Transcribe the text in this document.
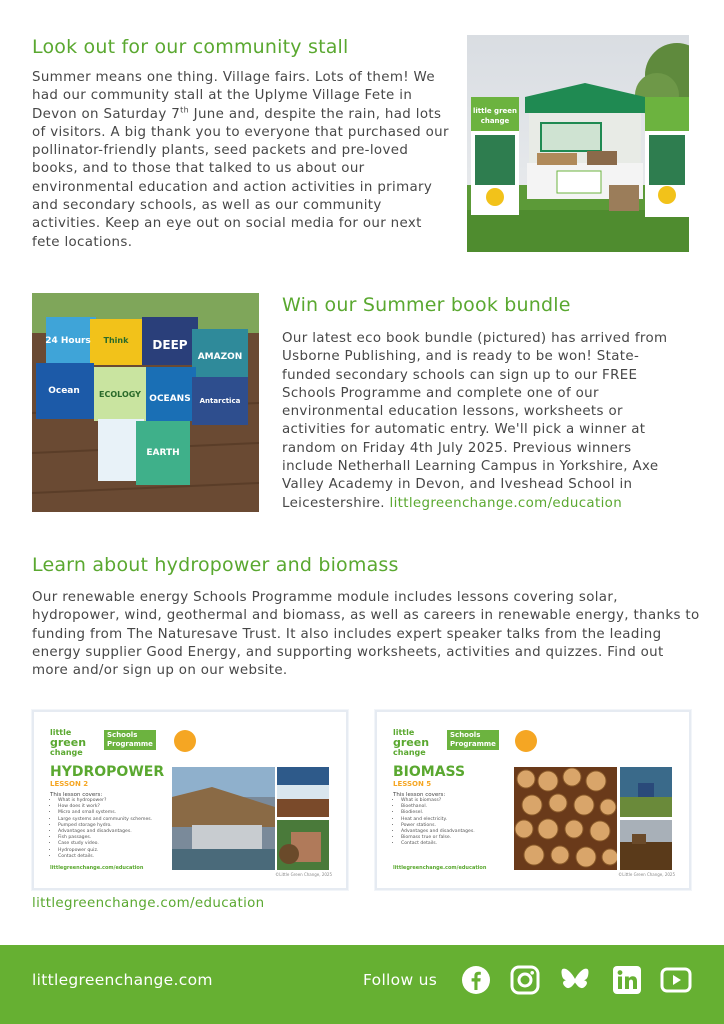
Look out for our community stall

Summer means one thing. Village fairs. Lots of them! We had our community stall at the Uplyme Village Fete in Devon on Saturday 7th June and, despite the rain, had lots of visitors. A big thank you to everyone that purchased our pollinator-friendly plants, seed packets and pre-loved books, and to those that talked to us about our environmental education and action activities in primary and secondary schools, as well as our community activities. Keep an eye out on social media for our next fete locations.

little green
change
24 Hours Think DEEP
AMAZON
Ocean ECOLOGY OCEANS Antarctica
EARTH
Win our Summer book bundle

Our latest eco book bundle (pictured) has arrived from Usborne Publishing, and is ready to be won! State-funded secondary schools can sign up to our FREE Schools Programme and complete one of our environmental education lessons, worksheets or activities for automatic entry. We'll pick a winner at random on Friday 4th July 2025. Previous winners include Netherhall Learning Campus in Yorkshire, Axe Valley Academy in Devon, and Iveshead School in Leicestershire. littlegreenchange.com/education

Learn about hydropower and biomass

Our renewable energy Schools Programme module includes lessons covering solar, hydropower, wind, geothermal and biomass, as well as careers in renewable energy, thanks to funding from The Naturesave Trust. It also includes expert speaker talks from the leading energy supplier Good Energy, and supporting worksheets, activities and quizzes. Find out more and/or sign up on our website.

little
green
change
Schools
Programme
HYDROPOWER
LESSON 2
This lesson covers:
• What is hydropower?
• How does it work?
• Micro and small systems.
• Large systems and community schemes.
• Pumped storage hydro.
• Advantages and disadvantages.
• Fish passages.
• Case study video.
• Hydropower quiz.
• Contact details.
littlegreenchange.com/education
©Little Green Change, 2025
little
green
change
Schools
Programme
BIOMASS
LESSON 5
This lesson covers:
• What is biomass?
• Bioethanol.
• Biodiesel.
• Heat and electricity.
• Power stations.
• Advantages and disadvantages.
• Biomass true or false.
• Contact details.
littlegreenchange.com/education
©Little Green Change, 2025
littlegreenchange.com/education
littlegreenchange.com	Follow us
